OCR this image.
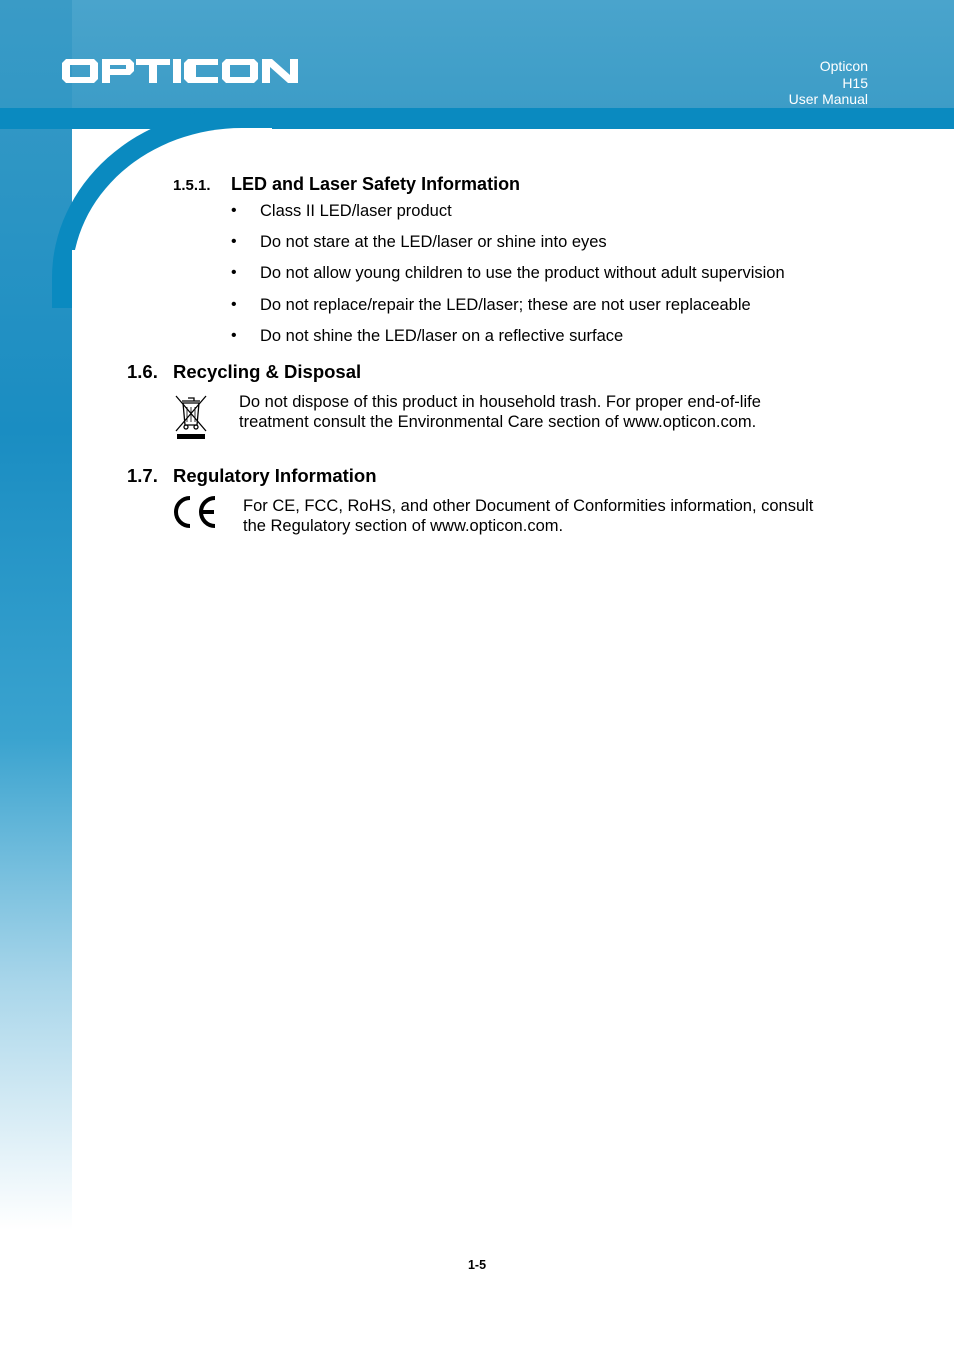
Opticon
H15
User Manual
1.5.1. LED and Laser Safety Information
• Class II LED/laser product
• Do not stare at the LED/laser or shine into eyes
• Do not allow young children to use the product without adult supervision
• Do not replace/repair the LED/laser; these are not user replaceable
• Do not shine the LED/laser on a reflective surface
1.6. Recycling & Disposal
Do not dispose of this product in household trash. For proper end-of-life
treatment consult the Environmental Care section of www.opticon.com.
1.7. Regulatory Information
For CE, FCC, RoHS, and other Document of Conformities information, consult
the Regulatory section of www.opticon.com.
1-5
